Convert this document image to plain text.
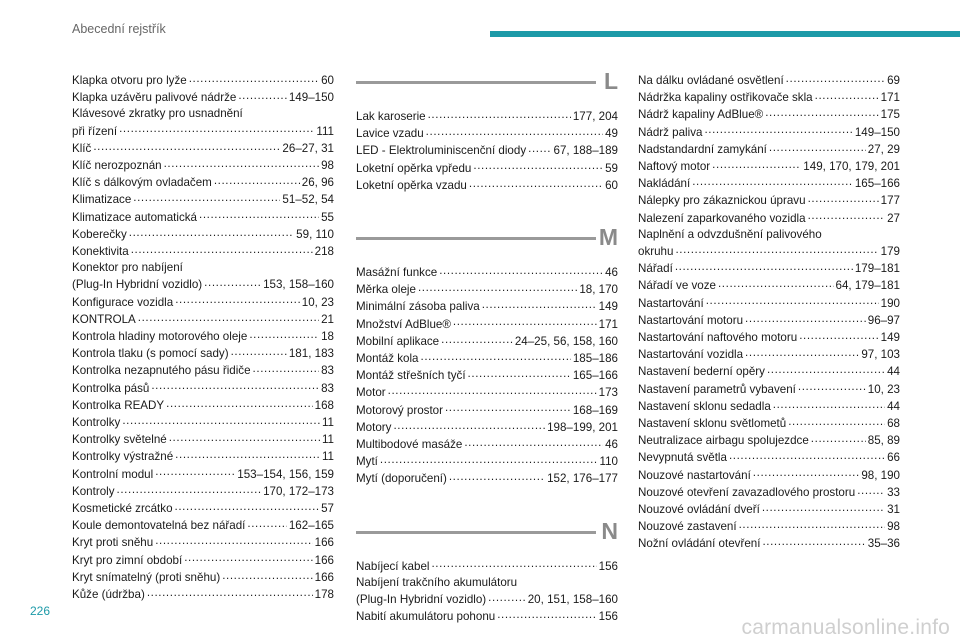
Abecední rejstřík
Klapka otvoru pro lyže .....	60
Klapka uzávěru palivové nádrže .....	149–150
Klávesové zkratky pro usnadnění
při řízení .....	111
Klíč .....	26–27, 31
Klíč nerozpoznán .....	98
Klíč s dálkovým ovladačem .....	26, 96
Klimatizace .....	51–52, 54
Klimatizace automatická .....	55
Koberečky .....	59, 110
Konektivita .....	218
Konektor pro nabíjení
(Plug-In Hybridní vozidlo) .....	153, 158–160
Konfigurace vozidla .....	10, 23
KONTROLA .....	21
Kontrola hladiny motorového oleje .....	18
Kontrola tlaku (s pomocí sady) .....	181, 183
Kontrolka nezapnutého pásu řidiče .....	83
Kontrolka pásů .....	83
Kontrolka READY .....	168
Kontrolky .....	11
Kontrolky světelné .....	11
Kontrolky výstražné .....	11
Kontrolní modul .....	153–154, 156, 159
Kontroly .....	170, 172–173
Kosmetické zrcátko .....	57
Koule demontovatelná bez nářadí .....	162–165
Kryt proti sněhu .....	166
Kryt pro zimní období .....	166
Kryt snímatelný (proti sněhu) .....	166
Kůže (údržba) .....	178
L
Lak karoserie .....	177, 204
Lavice vzadu .....	49
LED - Elektroluminiscenční diody ..... 67, 188–189
Loketní opěrka vpředu .....	59
Loketní opěrka vzadu .....	60
M
Masážní funkce .....	46
Měrka oleje .....	18, 170
Minimální zásoba paliva .....	149
Množství AdBlue® .....	171
Mobilní aplikace .....	24–25, 56, 158, 160
Montáž kola .....	185–186
Montáž střešních tyčí .....	165–166
Motor .....	173
Motorový prostor .....	168–169
Motory .....	198–199, 201
Multibodové masáže .....	46
Mytí .....	110
Mytí (doporučení) .....	152, 176–177
N
Nabíjecí kabel .....	156
Nabíjení trakčního akumulátoru
(Plug-In Hybridní vozidlo) .....	20, 151, 158–160
Nabití akumulátoru pohonu .....	156
Na dálku ovládané osvětlení .....	69
Nádržka kapaliny ostřikovače skla .....	171
Nádrž kapaliny AdBlue® .....	175
Nádrž paliva .....	149–150
Nadstandardní zamykání .....	27, 29
Naftový motor .....	149, 170, 179, 201
Nakládání .....	165–166
Nálepky pro zákaznickou úpravu .....	177
Nalezení zaparkovaného vozidla .....	27
Naplnění a odvzdušnění palivového
okruhu .....	179
Nářadí .....	179–181
Nářadí ve voze .....	64, 179–181
Nastartování .....	190
Nastartování motoru .....	96–97
Nastartování naftového motoru .....	149
Nastartování vozidla .....	97, 103
Nastavení bederní opěry .....	44
Nastavení parametrů vybavení .....	10, 23
Nastavení sklonu sedadla .....	44
Nastavení sklonu světlometů .....	68
Neutralizace airbagu spolujezdce .....	85, 89
Nevypnutá světla .....	66
Nouzové nastartování .....	98, 190
Nouzové otevření zavazadlového prostoru .....	33
Nouzové ovládání dveří .....	31
Nouzové zastavení .....	98
Nožní ovládání otevření .....	35–36
226
carmanualsonline.info
